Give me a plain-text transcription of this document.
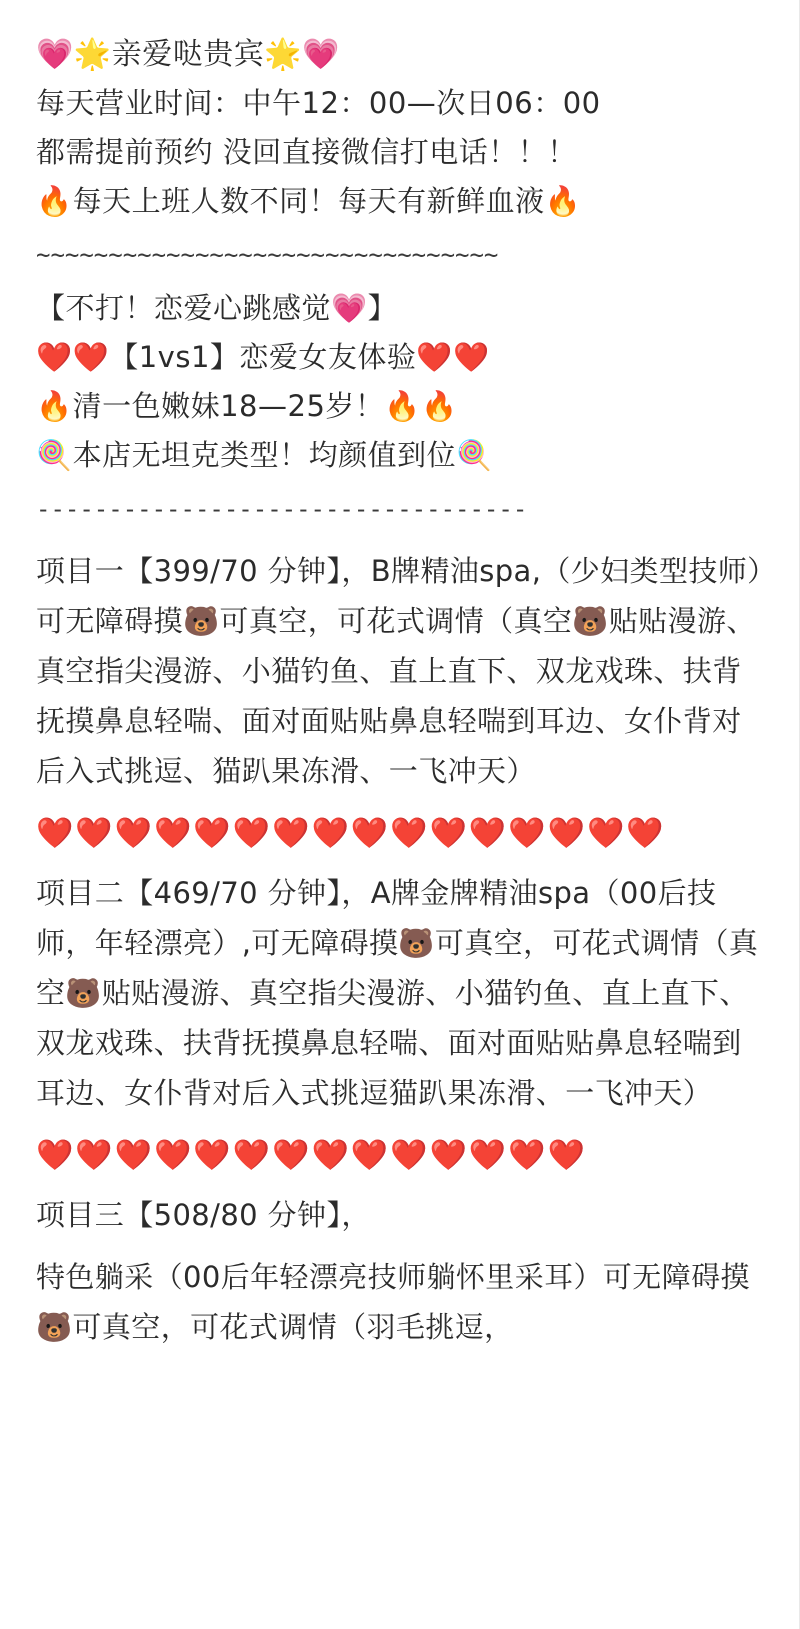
💗🌟亲爱哒贵宾🌟💗
每天营业时间：中午12：00—次日06：00
都需提前预约 没回直接微信打电话！！！
🔥每天上班人数不同！每天有新鲜血液🔥
~~~~~~~~~~~~~~~~~~~~~~~~~~~~~~~~
【不打！恋爱心跳感觉💗】
❤️❤️【1vs1】恋爱女友体验❤️❤️
🔥清一色嫩妹18—25岁！🔥🔥
🍭本店无坦克类型！均颜值到位🍭
----------------------------------
项目一【399/70 分钟】，B牌精油spa,（少妇类型技师）可无障碍摸🐻可真空，可花式调情（真空🐻贴贴漫游、真空指尖漫游、小猫钓鱼、直上直下、双龙戏珠、扶背抚摸鼻息轻喘、面对面贴贴鼻息轻喘到耳边、女仆背对后入式挑逗、猫趴果冻滑、一飞冲天）
❤️❤️❤️❤️❤️❤️❤️❤️❤️❤️❤️❤️❤️❤️❤️❤️
项目二【469/70 分钟】，A牌金牌精油spa（00后技师，年轻漂亮）,可无障碍摸🐻可真空，可花式调情（真空🐻贴贴漫游、真空指尖漫游、小猫钓鱼、直上直下、双龙戏珠、扶背抚摸鼻息轻喘、面对面贴贴鼻息轻喘到耳边、女仆背对后入式挑逗猫趴果冻滑、一飞冲天）
❤️❤️❤️❤️❤️❤️❤️❤️❤️❤️❤️❤️❤️❤️
项目三【508/80 分钟】，
特色躺采（00后年轻漂亮技师躺怀里采耳）可无障碍摸🐻可真空，可花式调情（羽毛挑逗，
